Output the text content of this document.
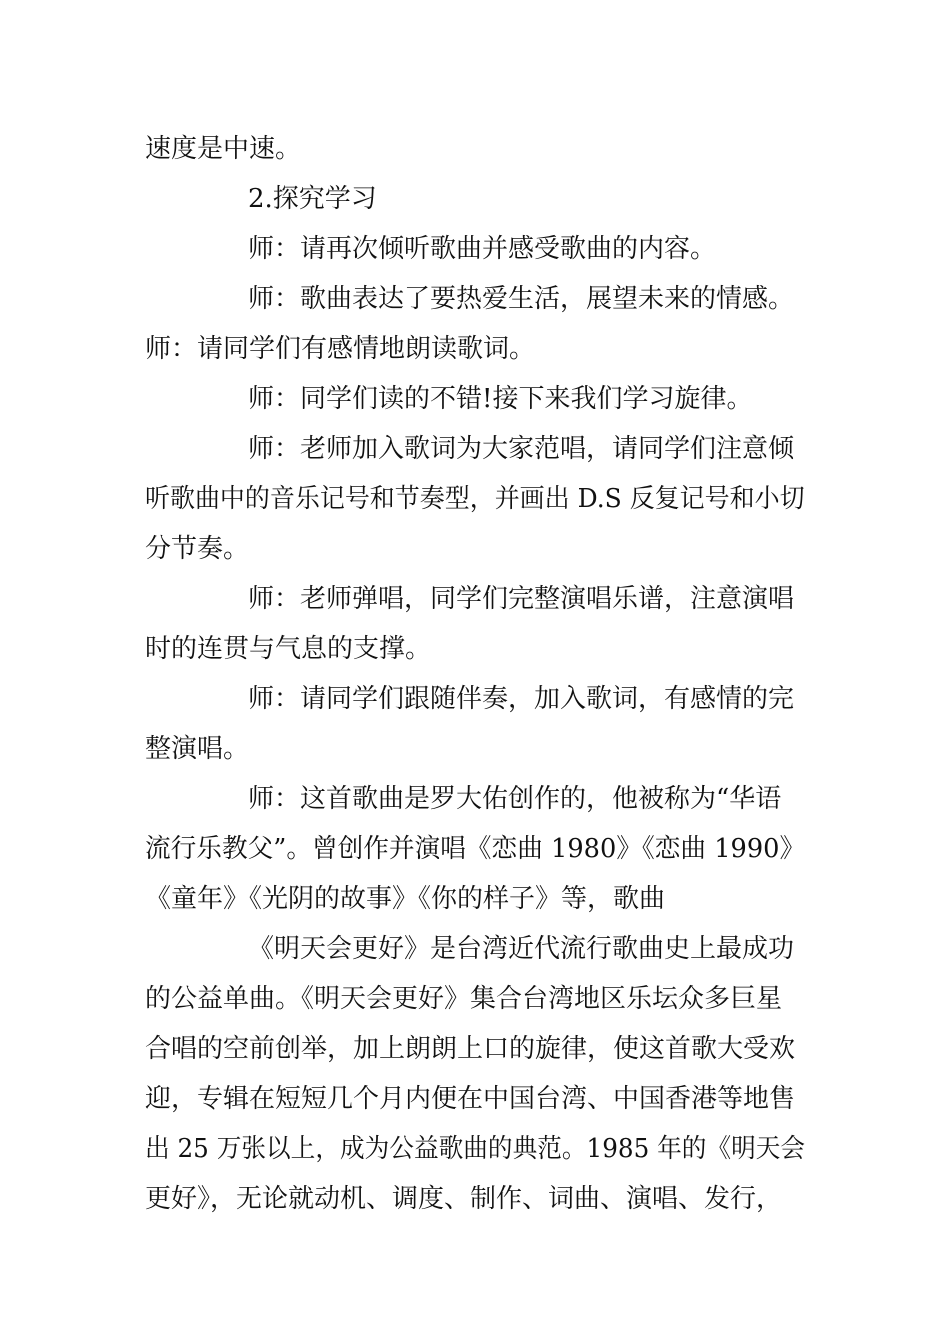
速度是中速。
2.探究学习
师：请再次倾听歌曲并感受歌曲的内容。
师：歌曲表达了要热爱生活，展望未来的情感。
师：请同学们有感情地朗读歌词。
师：同学们读的不错!接下来我们学习旋律。
师：老师加入歌词为大家范唱，请同学们注意倾
听歌曲中的音乐记号和节奏型，并画出 D.S 反复记号和小切
分节奏。
师：老师弹唱，同学们完整演唱乐谱，注意演唱
时的连贯与气息的支撑。
师：请同学们跟随伴奏，加入歌词，有感情的完
整演唱。
师：这首歌曲是罗大佑创作的，他被称为“华语
流行乐教父”。曾创作并演唱《恋曲 1980》《恋曲 1990》
《童年》《光阴的故事》《你的样子》等，歌曲
《明天会更好》是台湾近代流行歌曲史上最成功
的公益单曲。《明天会更好》集合台湾地区乐坛众多巨星
合唱的空前创举，加上朗朗上口的旋律，使这首歌大受欢
迎，专辑在短短几个月内便在中国台湾、中国香港等地售
出 25 万张以上，成为公益歌曲的典范。1985 年的《明天会
更好》，无论就动机、调度、制作、词曲、演唱、发行，
